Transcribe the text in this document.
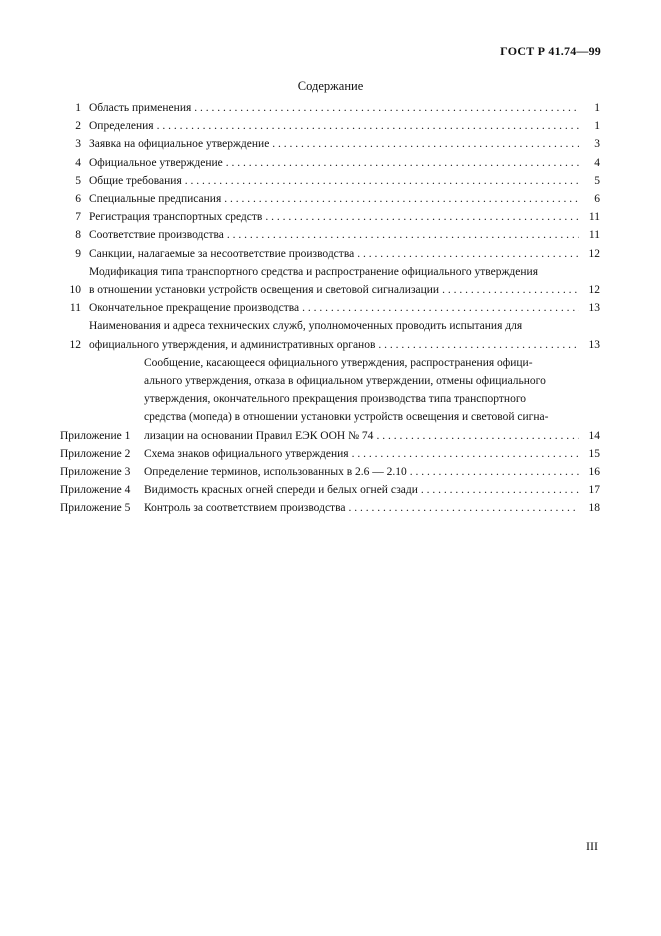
ГОСТ Р 41.74—99
Содержание
1 Область применения . . .	1
2 Определения . . .	1
3 Заявка на официальное утверждение . . .	3
4 Официальное утверждение . . .	4
5 Общие требования . . .	5
6 Специальные предписания . . .	6
7 Регистрация транспортных средств . . .	11
8 Соответствие производства . . .	11
9 Санкции, налагаемые за несоответствие производства . . .	12
10
Модификация типа транспортного средства и распространение официального утверждения
в отношении установки устройств освещения и световой сигнализации . . .	12
11 Окончательное прекращение производства . . .	13
12
Наименования и адреса технических служб, уполномоченных проводить испытания для
официального утверждения, и административных органов . . .	13
Приложение 1
Сообщение, касающееся официального утверждения, распространения офици-
ального утверждения, отказа в официальном утверждении, отмены официального
утверждения, окончательного прекращения производства типа транспортного
средства (мопеда) в отношении установки устройств освещения и световой сигна-
лизации на основании Правил ЕЭК ООН № 74 . . .	14
Приложение 2	Схема знаков официального утверждения . . .	15
Приложение 3	Определение терминов, использованных в 2.6 — 2.10 . . .	16
Приложение 4	Видимость красных огней спереди и белых огней сзади . . .	17
Приложение 5	Контроль за соответствием производства . . .	18
III
